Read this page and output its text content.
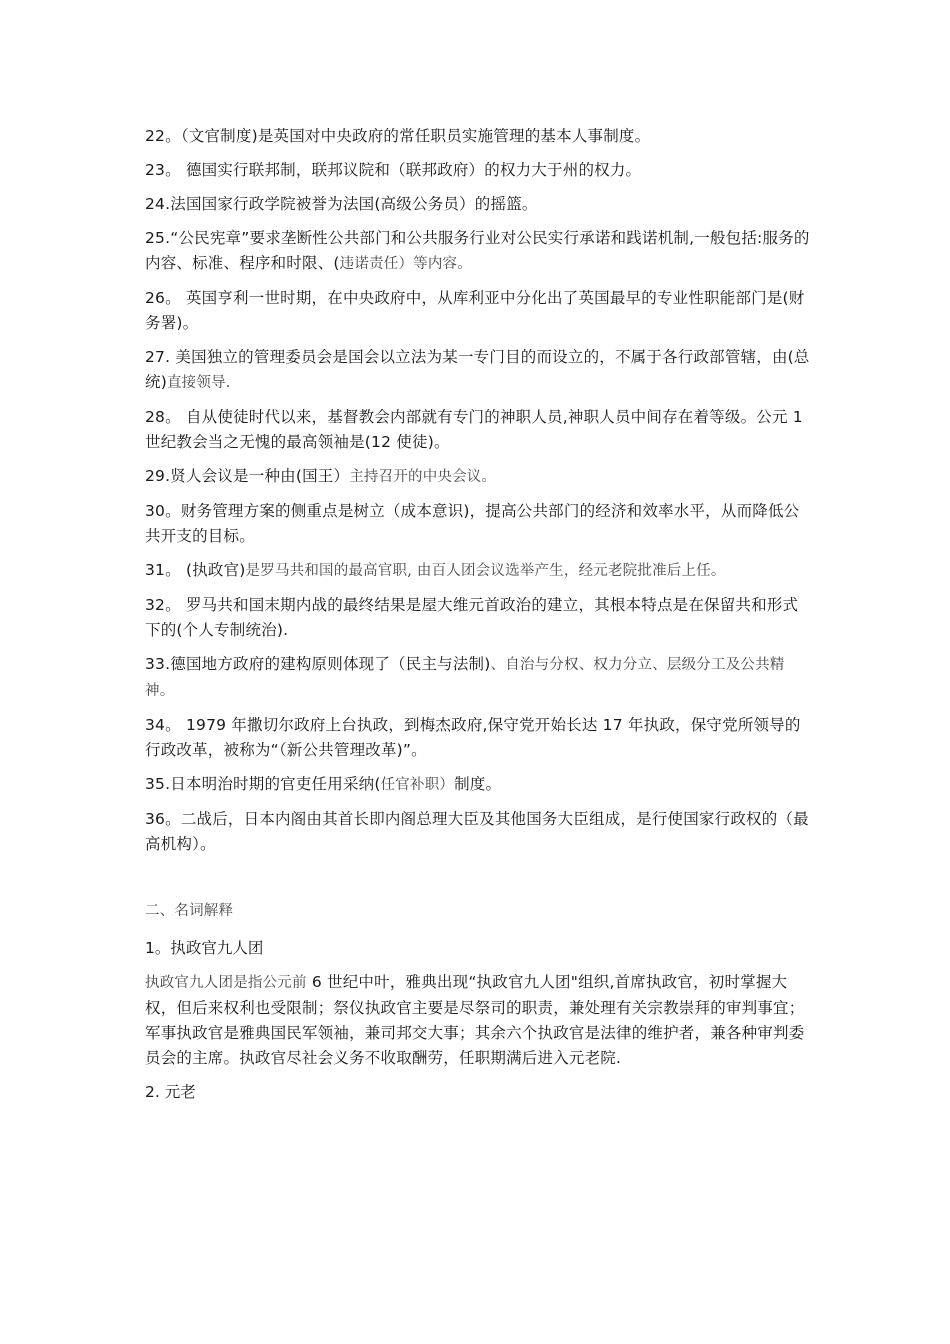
22。（文官制度)是英国对中央政府的常任职员实施管理的基本人事制度。

23。 德国实行联邦制，联邦议院和（联邦政府）的权力大于州的权力。

24.法国国家行政学院被誉为法国(高级公务员）的摇篮。

25.“公民宪章”要求垄断性公共部门和公共服务行业对公民实行承诺和践诺机制,一般包括:服务的内容、标准、程序和时限、(违诺责任）等内容。

26。 英国亨利一世时期，在中央政府中，从库利亚中分化出了英国最早的专业性职能部门是(财务署)。

27. 美国独立的管理委员会是国会以立法为某一专门目的而设立的，不属于各行政部管辖，由(总统)直接领导.

28。 自从使徒时代以来，基督教会内部就有专门的神职人员,神职人员中间存在着等级。公元 1 世纪教会当之无愧的最高领袖是(12 使徒)。

29.贤人会议是一种由(国王）主持召开的中央会议。

30。财务管理方案的侧重点是树立（成本意识)，提高公共部门的经济和效率水平，从而降低公共开支的目标。

31。 (执政官)是罗马共和国的最高官职, 由百人团会议选举产生，经元老院批准后上任。

32。 罗马共和国末期内战的最终结果是屋大维元首政治的建立，其根本特点是在保留共和形式下的(个人专制统治).

33.德国地方政府的建构原则体现了（民主与法制)、自治与分权、权力分立、层级分工及公共精神。

34。 1979 年撒切尔政府上台执政，到梅杰政府,保守党开始长达 17 年执政，保守党所领导的行政改革，被称为“（新公共管理改革)”。

35.日本明治时期的官吏任用采纳(任官补职）制度。

36。二战后，日本内阁由其首长即内阁总理大臣及其他国务大臣组成，是行使国家行政权的（最高机构）。

二、名词解释

1。执政官九人团

执政官九人团是指公元前 6 世纪中叶，雅典出现“执政官九人团"组织,首席执政官，初时掌握大权，但后来权利也受限制；祭仪执政官主要是尽祭司的职责，兼处理有关宗教崇拜的审判事宜；军事执政官是雅典国民军领袖，兼司邦交大事；其余六个执政官是法律的维护者，兼各种审判委员会的主席。执政官尽社会义务不收取酬劳，任职期满后进入元老院.

2. 元老
